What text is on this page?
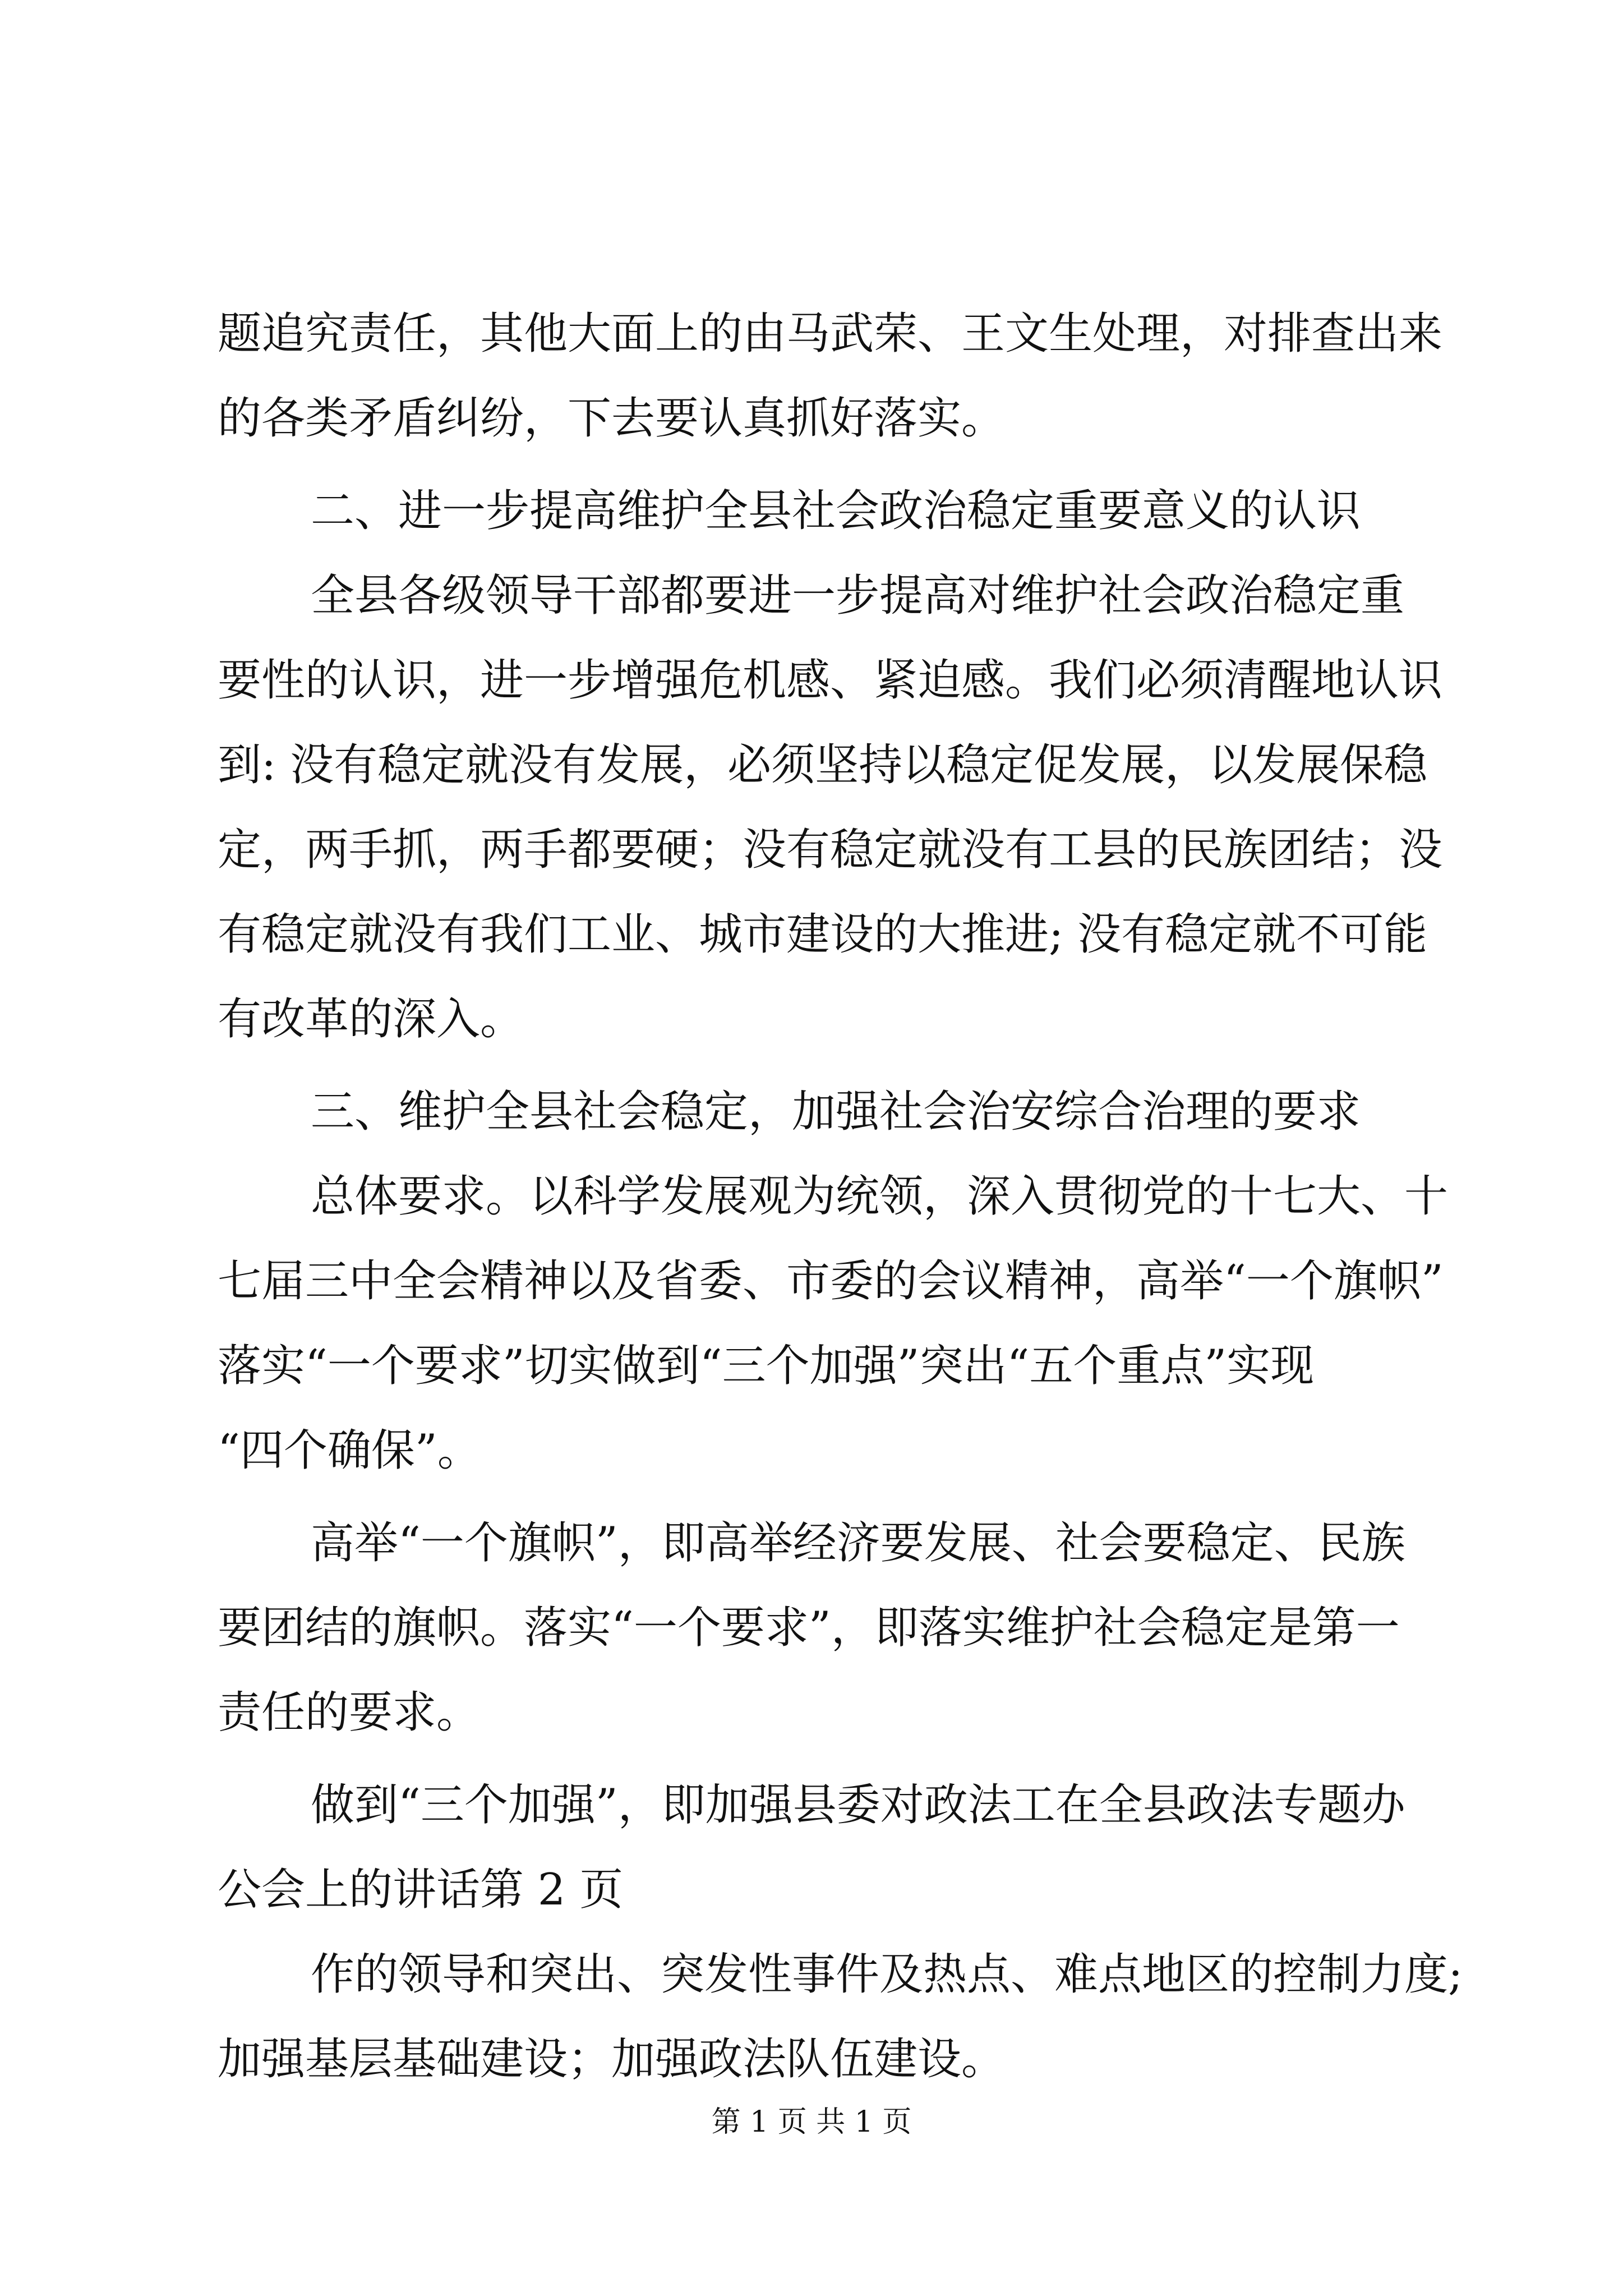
题追究责任，其他大面上的由马武荣、王文生处理，对排查出来

的各类矛盾纠纷，下去要认真抓好落实。

二、进一步提高维护全县社会政治稳定重要意义的认识

全县各级领导干部都要进一步提高对维护社会政治稳定重

要性的认识，进一步增强危机感、紧迫感。我们必须清醒地认识

到: 没有稳定就没有发展，必须坚持以稳定促发展，以发展保稳

定，两手抓，两手都要硬；没有稳定就没有工县的民族团结；没

有稳定就没有我们工业、城市建设的大推进; 没有稳定就不可能

有改革的深入。

三、维护全县社会稳定，加强社会治安综合治理的要求

总体要求。以科学发展观为统领，深入贯彻党的十七大、十

七届三中全会精神以及省委、市委的会议精神，高举“一个旗帜”

落实“一个要求”切实做到“三个加强”突出“五个重点”实现

“四个确保”。

高举“一个旗帜”，即高举经济要发展、社会要稳定、民族

要团结的旗帜。落实“一个要求”，即落实维护社会稳定是第一

责任的要求。

做到“三个加强”，即加强县委对政法工在全县政法专题办

公会上的讲话第 2 页

作的领导和突出、突发性事件及热点、难点地区的控制力度;

加强基层基础建设；加强政法队伍建设。

第 1 页 共 1 页
